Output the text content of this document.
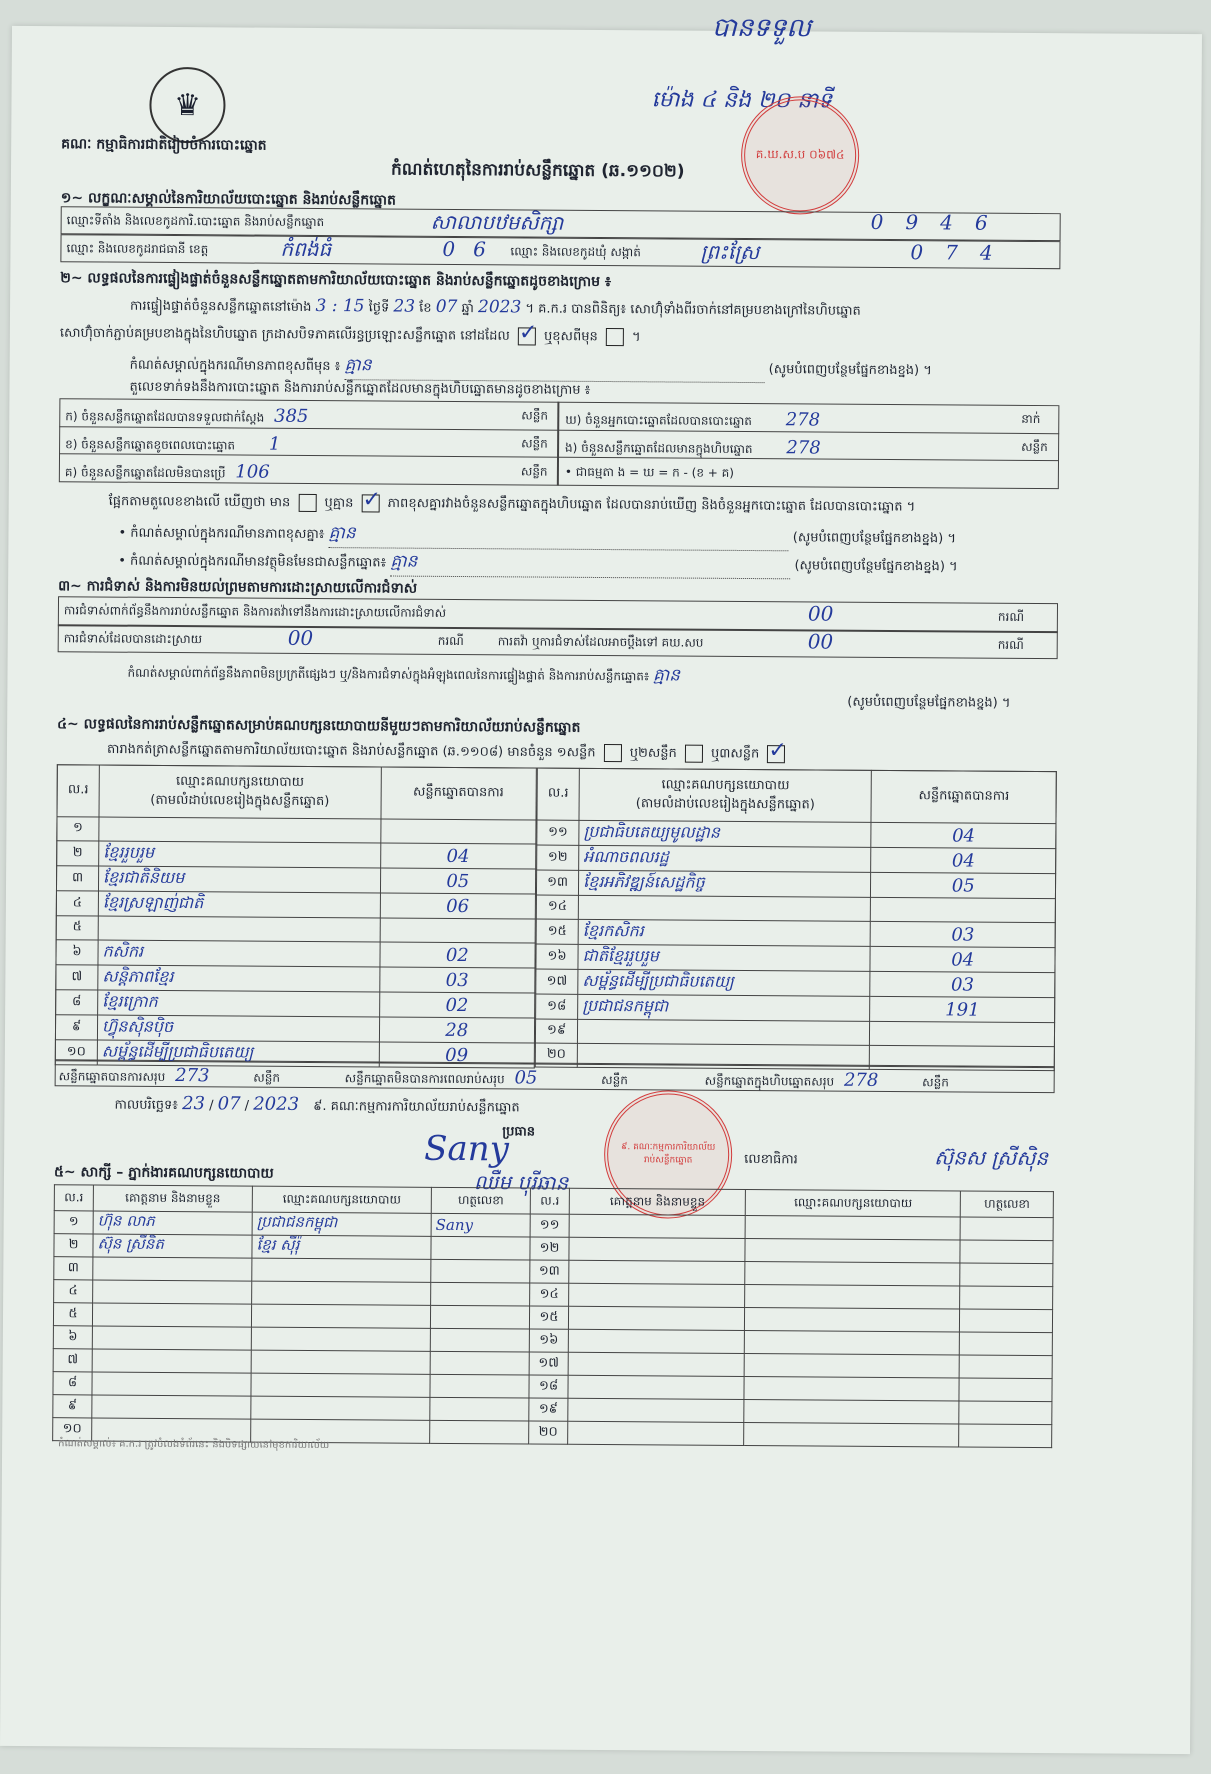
♛
គណៈ កម្មាធិការជាតិរៀបចំការបោះឆ្នោត
កំណត់ហេតុនៃការរាប់សន្លឹកឆ្នោត (ឆ.១១០២)
បានទទួល
ម៉ោង ៤ និង ២០ នាទី
គ.ឃ.ស.ប ០៦៧៤
១~ លក្ខណៈសម្គាល់នៃការិយាល័យបោះឆ្នោត និងរាប់សន្លឹកឆ្នោត
ឈ្មោះទីតាំង និងលេខកូដការិ.បោះឆ្នោត និងរាប់សន្លឹកឆ្នោត	សាលាបឋមសិក្សា	0946
ឈ្មោះ និងលេខកូដរាជធានី ខេត្ត	កំពង់ធំ	06 ឈ្មោះ និងលេខកូដឃុំ សង្កាត់	ព្រះស្រែ	074
២~ លទ្ធផលនៃការផ្ទៀងផ្ទាត់ចំនួនសន្លឹកឆ្នោតតាមការិយាល័យបោះឆ្នោត និងរាប់សន្លឹកឆ្នោតដូចខាងក្រោម ៖
ការផ្ទៀងផ្ទាត់ចំនួនសន្លឹកឆ្នោតនៅម៉ោង 3 : 15 ថ្ងៃទី 23 ខែ 07 ឆ្នាំ 2023 ។ គ.ក.រ បានពិនិត្យ៖ សោហ៊ុំទាំងពីរចាក់នៅគម្របខាងក្រៅនៃហិបឆ្នោត
សោហ៊ុំចាក់ភ្ជាប់គម្របខាងក្នុងនៃហិបឆ្នោត ក្រដាសបិទភាគលើរន្ធប្រឡោះសន្លឹកឆ្នោត នៅដដែល ✓	ឬខុសពីមុន	។
កំណត់សម្គាល់ក្នុងករណីមានភាពខុសពីមុន ៖ គ្មាន	(សូមបំពេញបន្ថែមផ្នែកខាងខ្នង) ។
តួលេខទាក់ទងនឹងការបោះឆ្នោត និងការរាប់សន្លឹកឆ្នោតដែលមានក្នុងហិបឆ្នោតមានដូចខាងក្រោម ៖
ក) ចំនួនសន្លឹកឆ្នោតដែលបានទទួលជាក់ស្តែង 385	សន្លឹក
ខ) ចំនួនសន្លឹកឆ្នោតខូចពេលបោះឆ្នោត 1	សន្លឹក
គ) ចំនួនសន្លឹកឆ្នោតដែលមិនបានប្រើ 106	សន្លឹក
ឃ) ចំនួនអ្នកបោះឆ្នោតដែលបានបោះឆ្នោត 278	នាក់
ង) ចំនួនសន្លឹកឆ្នោតដែលមានក្នុងហិបឆ្នោត 278	សន្លឹក
• ជាធម្មតា ង = ឃ = ក - (ខ + គ)
ផ្អែកតាមតួលេខខាងលើ ឃើញថា មាន	ឬគ្មាន ✓	ភាពខុសគ្នារវាងចំនួនសន្លឹកឆ្នោតក្នុងហិបឆ្នោត ដែលបានរាប់ឃើញ និងចំនួនអ្នកបោះឆ្នោត ដែលបានបោះឆ្នោត ។
• កំណត់សម្គាល់ក្នុងករណីមានភាពខុសគ្នា៖ គ្មាន	(សូមបំពេញបន្ថែមផ្នែកខាងខ្នង) ។
• កំណត់សម្គាល់ក្នុងករណីមានវត្ថុមិនមែនជាសន្លឹកឆ្នោត៖ គ្មាន	(សូមបំពេញបន្ថែមផ្នែកខាងខ្នង) ។
៣~ ការជំទាស់ និងការមិនយល់ព្រមតាមការដោះស្រាយលើការជំទាស់
ការជំទាស់ពាក់ព័ន្ធនឹងការរាប់សន្លឹកឆ្នោត និងការតវ៉ាទៅនឹងការដោះស្រាយលើការជំទាស់	00	ករណី
ការជំទាស់ដែលបានដោះស្រាយ	00	ករណី	ការតវ៉ា ឬការជំទាស់ដែលអាចប្តឹងទៅ គឃ.សប	00	ករណី
កំណត់សម្គាល់ពាក់ព័ន្ធនឹងភាពមិនប្រក្រតីផ្សេងៗ ឬ/និងការជំទាស់ក្នុងអំឡុងពេលនៃការផ្ទៀងផ្ទាត់ និងការរាប់សន្លឹកឆ្នោត៖ គ្មាន
(សូមបំពេញបន្ថែមផ្នែកខាងខ្នង) ។
៤~ លទ្ធផលនៃការរាប់សន្លឹកឆ្នោតសម្រាប់គណបក្សនយោបាយនីមួយៗតាមការិយាល័យរាប់សន្លឹកឆ្នោត
តារាងកត់ត្រាសន្លឹកឆ្នោតតាមការិយាល័យបោះឆ្នោត និងរាប់សន្លឹកឆ្នោត (ឆ.១១០៨) មានចំនួន ១សន្លឹក	ឬ២សន្លឹក	ឬ៣សន្លឹក ✓
ល.រ	ឈ្មោះគណបក្សនយោបាយ
(តាមលំដាប់លេខរៀងក្នុងសន្លឹកឆ្នោត)	សន្លឹកឆ្នោតបានការ
១		
២	ខ្មែររួបរួម	04
៣	ខ្មែរជាតិនិយម	05
៤	ខ្មែរស្រឡាញ់ជាតិ	06
៥		
៦	កសិករ	02
៧	សន្តិភាពខ្មែរ	03
៨	ខ្មែរក្រោក	02
៩	ហ៊្វុនស៊ិនប៉ិច	28
១០	សម្ព័ន្ធដើម្បីប្រជាធិបតេយ្យ	09
ល.រ	ឈ្មោះគណបក្សនយោបាយ
(តាមលំដាប់លេខរៀងក្នុងសន្លឹកឆ្នោត)	សន្លឹកឆ្នោតបានការ
១១	ប្រជាធិបតេយ្យមូលដ្ឋាន	04
១២	អំណាចពលរដ្ឋ	04
១៣	ខ្មែរអភិវឌ្ឍន៍សេដ្ឋកិច្ច	05
១៤		
១៥	ខ្មែរកសិករ	03
១៦	ជាតិខ្មែររួបរួម	04
១៧	សម្ព័ន្ធដើម្បីប្រជាធិបតេយ្យ	03
១៨	ប្រជាជនកម្ពុជា	191
១៩		
២០		
សន្លឹកឆ្នោតបានការសរុប 273	សន្លឹក	សន្លឹកឆ្នោតមិនបានការពេលរាប់សរុប 05	សន្លឹក	សន្លឹកឆ្នោតក្នុងហិបឆ្នោតសរុប 278	សន្លឹក
កាលបរិច្ឆេទ៖ 23 / 07 / 2023 ៩. គណៈកម្មការការិយាល័យរាប់សន្លឹកឆ្នោត
ប្រធាន
Sany
ឈឺម បុរីឆាន
៩. គណៈកម្មការការិយាល័យរាប់សន្លឹកឆ្នោត	លេខាធិការ	ស៊ុនស ស្រីស៊ិន
៥~ សាក្សី – ភ្នាក់ងារគណបក្សនយោបាយ
ល.រ	គោត្តនាម និងនាមខ្លួន	ឈ្មោះគណបក្សនយោបាយ	ហត្ថលេខា	ល.រ	គោត្តនាម និងនាមខ្លួន	ឈ្មោះគណបក្សនយោបាយ	ហត្ថលេខា
១	ហ៊ុន លាភ	ប្រជាជនកម្ពុជា	Sany	១១			
២	ស៊ុន ស្រីនិត	ខ្មែរ ស៊ីរ៉ុ		១២			
៣				១៣			
៤				១៤			
៥				១៥			
៦				១៦			
៧				១៧			
៨				១៨			
៩				១៩			
១០				២០			
កំណត់សម្គាល់៖ គ.ក.រ ត្រូវចំលងទំព័រនេះ និងបិទផ្សាយនៅមុខការិយាល័យ
